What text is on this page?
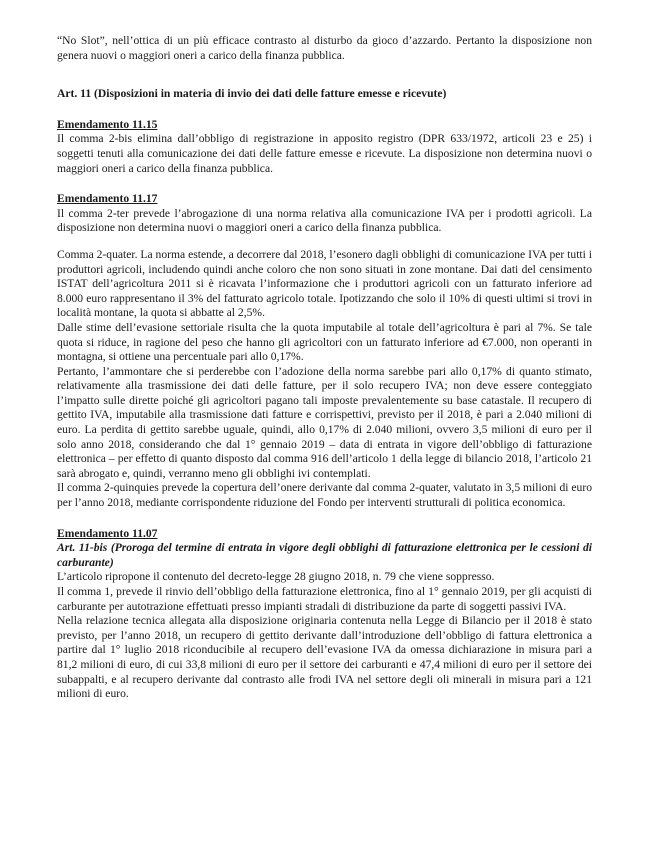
“No Slot”, nell’ottica di un più efficace contrasto al disturbo da gioco d’azzardo. Pertanto la disposizione non genera nuovi o maggiori oneri a carico della finanza pubblica.

Art. 11 (Disposizioni in materia di invio dei dati delle fatture emesse e ricevute)

Emendamento 11.15

Il comma 2-bis elimina dall’obbligo di registrazione in apposito registro (DPR 633/1972, articoli 23 e 25) i soggetti tenuti alla comunicazione dei dati delle fatture emesse e ricevute. La disposizione non determina nuovi o maggiori oneri a carico della finanza pubblica.

Emendamento 11.17

Il comma 2-ter prevede l’abrogazione di una norma relativa alla comunicazione IVA per i prodotti agricoli. La disposizione non determina nuovi o maggiori oneri a carico della finanza pubblica.

Comma 2-quater. La norma estende, a decorrere dal 2018, l’esonero dagli obblighi di comunicazione IVA per tutti i produttori agricoli, includendo quindi anche coloro che non sono situati in zone montane. Dai dati del censimento ISTAT dell’agricoltura 2011 si è ricavata l’informazione che i produttori agricoli con un fatturato inferiore ad 8.000 euro rappresentano il 3% del fatturato agricolo totale. Ipotizzando che solo il 10% di questi ultimi si trovi in località montane, la quota si abbatte al 2,5%.

Dalle stime dell’evasione settoriale risulta che la quota imputabile al totale dell’agricoltura è pari al 7%. Se tale quota si riduce, in ragione del peso che hanno gli agricoltori con un fatturato inferiore ad €7.000, non operanti in montagna, si ottiene una percentuale pari allo 0,17%.

Pertanto, l’ammontare che si perderebbe con l’adozione della norma sarebbe pari allo 0,17% di quanto stimato, relativamente alla trasmissione dei dati delle fatture, per il solo recupero IVA; non deve essere conteggiato l’impatto sulle dirette poiché gli agricoltori pagano tali imposte prevalentemente su base catastale. Il recupero di gettito IVA, imputabile alla trasmissione dati fatture e corrispettivi, previsto per il 2018, è pari a 2.040 milioni di euro. La perdita di gettito sarebbe uguale, quindi, allo 0,17% di 2.040 milioni, ovvero 3,5 milioni di euro per il solo anno 2018, considerando che dal 1° gennaio 2019 – data di entrata in vigore dell’obbligo di fatturazione elettronica – per effetto di quanto disposto dal comma 916 dell’articolo 1 della legge di bilancio 2018, l’articolo 21 sarà abrogato e, quindi, verranno meno gli obblighi ivi contemplati.

Il comma 2-quinquies prevede la copertura dell’onere derivante dal comma 2-quater, valutato in 3,5 milioni di euro per l’anno 2018, mediante corrispondente riduzione del Fondo per interventi strutturali di politica economica.

Emendamento 11.07

Art. 11-bis (Proroga del termine di entrata in vigore degli obblighi di fatturazione elettronica per le cessioni di carburante)

L’articolo ripropone il contenuto del decreto-legge 28 giugno 2018, n. 79 che viene soppresso.

Il comma 1, prevede il rinvio dell’obbligo della fatturazione elettronica, fino al 1° gennaio 2019, per gli acquisti di carburante per autotrazione effettuati presso impianti stradali di distribuzione da parte di soggetti passivi IVA.

Nella relazione tecnica allegata alla disposizione originaria contenuta nella Legge di Bilancio per il 2018 è stato previsto, per l’anno 2018, un recupero di gettito derivante dall’introduzione dell’obbligo di fattura elettronica a partire dal 1° luglio 2018 riconducibile al recupero dell’evasione IVA da omessa dichiarazione in misura pari a 81,2 milioni di euro, di cui 33,8 milioni di euro per il settore dei carburanti e 47,4 milioni di euro per il settore dei subappalti, e al recupero derivante dal contrasto alle frodi IVA nel settore degli oli minerali in misura pari a 121 milioni di euro.
